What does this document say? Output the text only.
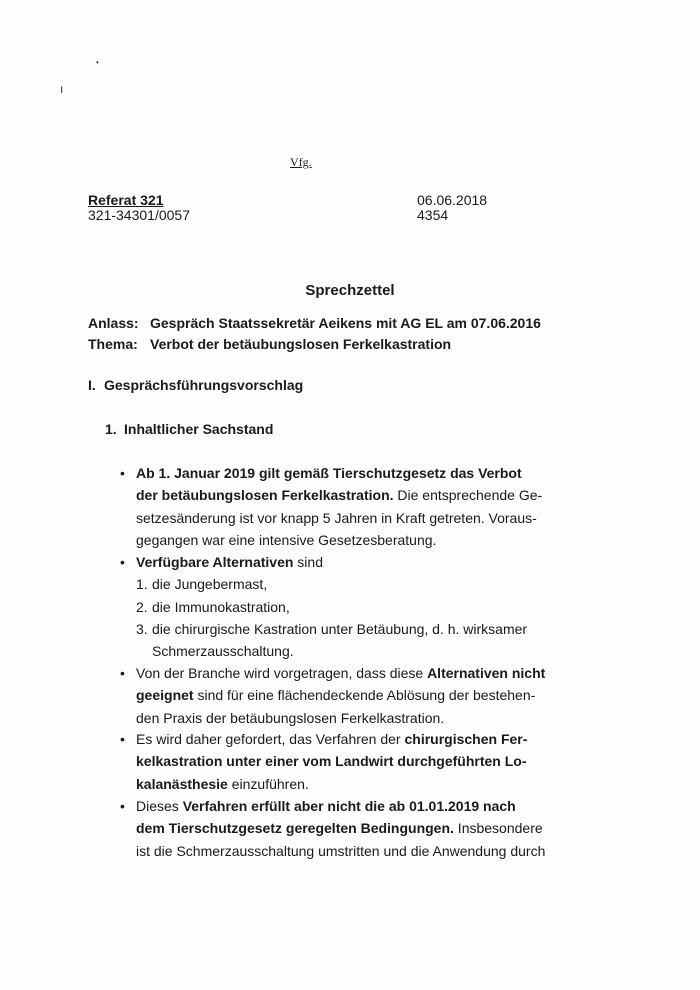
ı
•
Vfg.
Referat 321
321-34301/0057
06.06.2018
4354
Sprechzettel
Anlass: Gespräch Staatssekretär Aeikens mit AG EL am 07.06.2016
Thema: Verbot der betäubungslosen Ferkelkastration
I. Gesprächsführungsvorschlag
1. Inhaltlicher Sachstand
• Ab 1. Januar 2019 gilt gemäß Tierschutzgesetz das Verbot
der betäubungslosen Ferkelkastration. Die entsprechende Ge-
setzesänderung ist vor knapp 5 Jahren in Kraft getreten. Voraus-
gegangen war eine intensive Gesetzesberatung.
• Verfügbare Alternativen sind
1. die Jungebermast,
2. die Immunokastration,
3. die chirurgische Kastration unter Betäubung, d. h. wirksamer
Schmerzausschaltung.
• Von der Branche wird vorgetragen, dass diese Alternativen nicht
geeignet sind für eine flächendeckende Ablösung der bestehen-
den Praxis der betäubungslosen Ferkelkastration.
• Es wird daher gefordert, das Verfahren der chirurgischen Fer-
kelkastration unter einer vom Landwirt durchgeführten Lo-
kalanästhesie einzuführen.
• Dieses Verfahren erfüllt aber nicht die ab 01.01.2019 nach
dem Tierschutzgesetz geregelten Bedingungen. Insbesondere
ist die Schmerzausschaltung umstritten und die Anwendung durch
